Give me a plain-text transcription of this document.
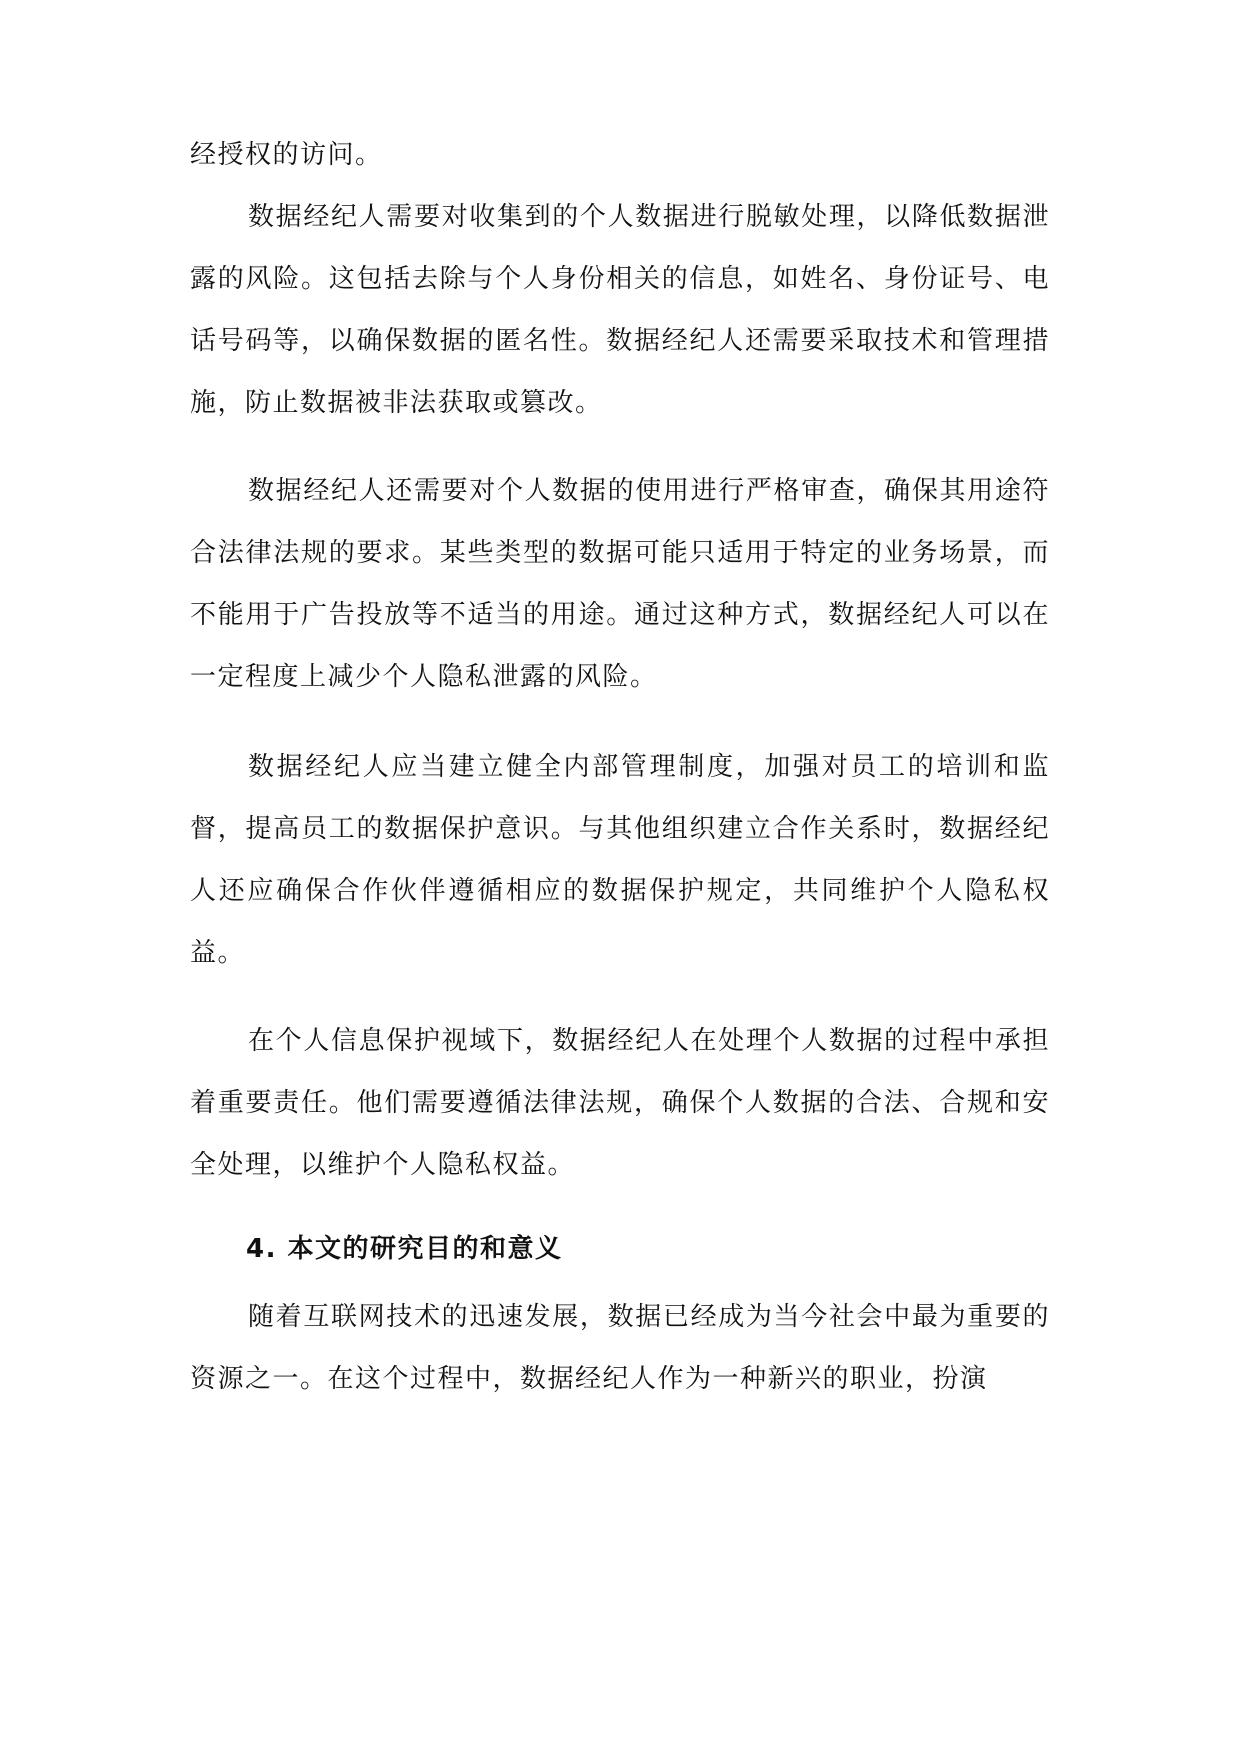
经授权的访问。

数据经纪人需要对收集到的个人数据进行脱敏处理，以降低数据泄露的风险。这包括去除与个人身份相关的信息，如姓名、身份证号、电话号码等，以确保数据的匿名性。数据经纪人还需要采取技术和管理措施，防止数据被非法获取或篡改。

数据经纪人还需要对个人数据的使用进行严格审查，确保其用途符合法律法规的要求。某些类型的数据可能只适用于特定的业务场景，而不能用于广告投放等不适当的用途。通过这种方式，数据经纪人可以在一定程度上减少个人隐私泄露的风险。

数据经纪人应当建立健全内部管理制度，加强对员工的培训和监督，提高员工的数据保护意识。与其他组织建立合作关系时，数据经纪人还应确保合作伙伴遵循相应的数据保护规定，共同维护个人隐私权益。

在个人信息保护视域下，数据经纪人在处理个人数据的过程中承担着重要责任。他们需要遵循法律法规，确保个人数据的合法、合规和安全处理，以维护个人隐私权益。

4. 本文的研究目的和意义

随着互联网技术的迅速发展，数据已经成为当今社会中最为重要的资源之一。在这个过程中，数据经纪人作为一种新兴的职业，扮演
